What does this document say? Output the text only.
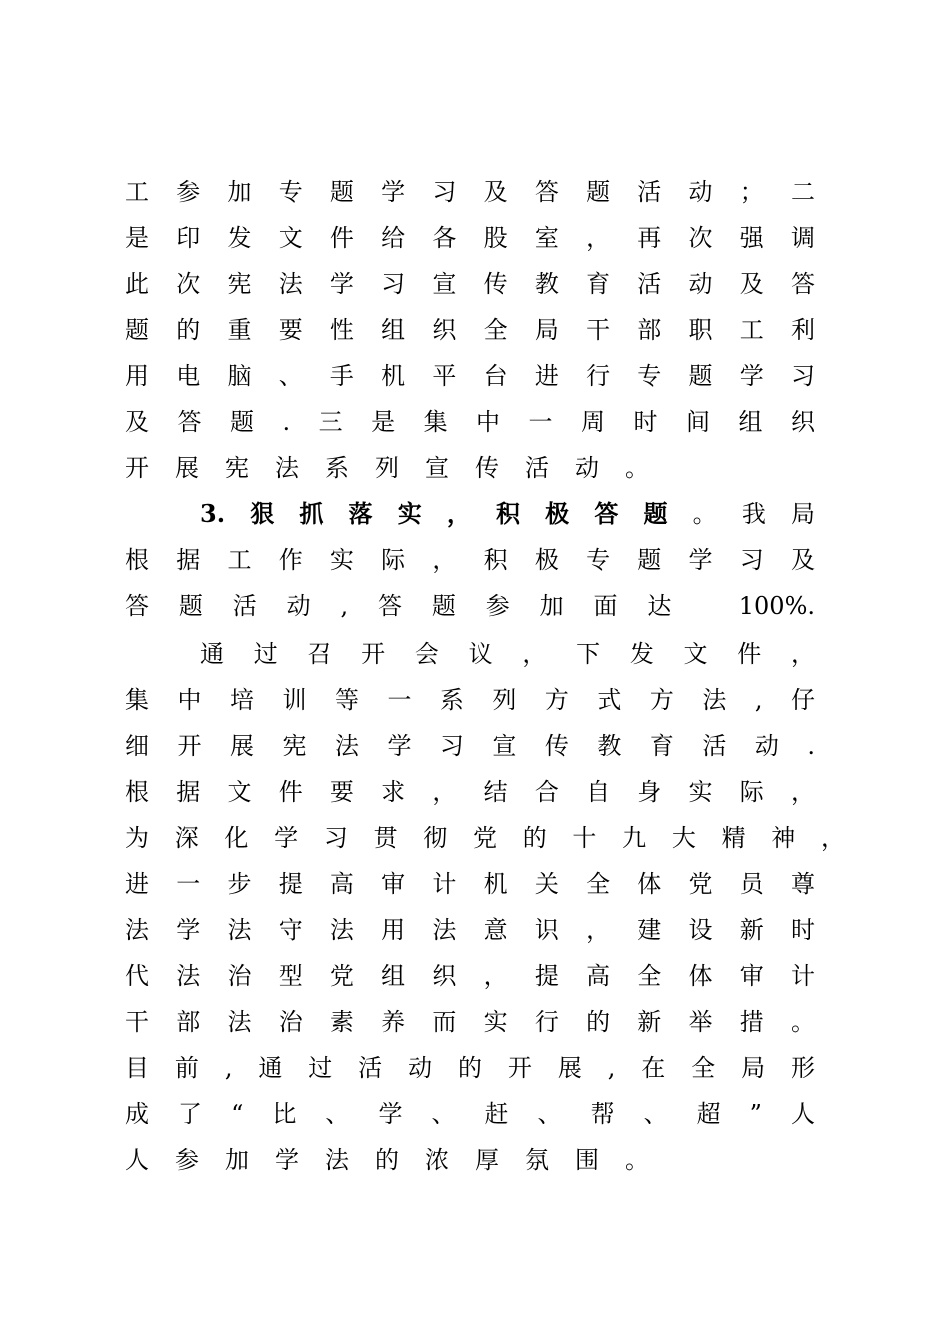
工参加专题学习及答题活动；二
是印发文件给各股室，再次强调
此次宪法学习宣传教育活动及答
题的重要性组织全局干部职工利
用电脑、手机平台进行专题学习
及答题.三是集中一周时间组织
开展宪法系列宣传活动。
3.狠抓落实，积极答题。我局
根据工作实际，积极专题学习及
答题活动,答题参加面达 100%.
通过召开会议，下发文件，
集中培训等一系列方式方法,仔
细开展宪法学习宣传教育活动.
根据文件要求，结合自身实际，
为深化学习贯彻党的十九大精神，
进一步提高审计机关全体党员尊
法学法守法用法意识，建设新时
代法治型党组织，提高全体审计
干部法治素养而实行的新举措。
目前,通过活动的开展,在全局形
成了“比、学、赶、帮、超”人
人参加学法的浓厚氛围。
